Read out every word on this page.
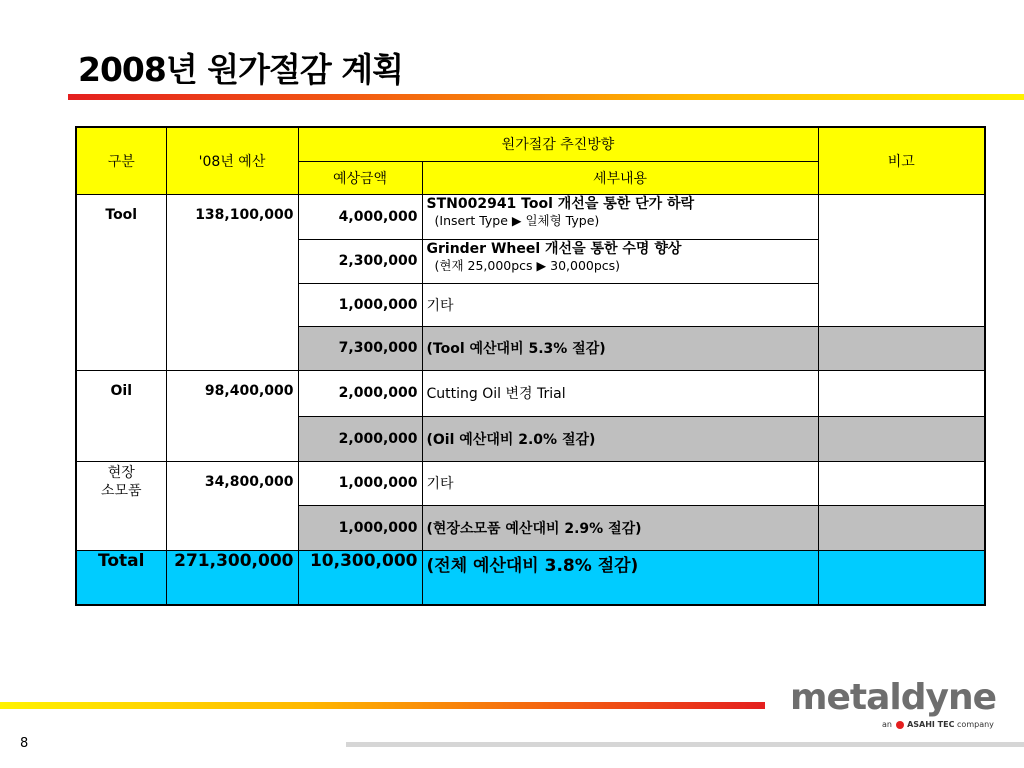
2008년 원가절감 계획
구분	'08년 예산	원가절감 추진방향		비고
		예상금액	세부내용	
Tool	138,100,000	4,000,000	STN002941 Tool 개선을 통한 단가 하락
(Insert Type ▶ 일체형 Type)	

		2,300,000	Grinder Wheel 개선을 통한 수명 향상
(현재 25,000pcs ▶ 30,000pcs)	

		1,000,000	기타	
		7,300,000	(Tool 예산대비 5.3% 절감)	
Oil	98,400,000	2,000,000	Cutting Oil 변경 Trial	
		2,000,000	(Oil 예산대비 2.0% 절감)	

현장
소모품	34,800,000	1,000,000	기타	
		1,000,000	(현장소모품 예산대비 2.9% 절감)	
Total	271,300,000	10,300,000	(전체 예산대비 3.8% 절감)	
8
metaldyne
an ASAHI TEC company
